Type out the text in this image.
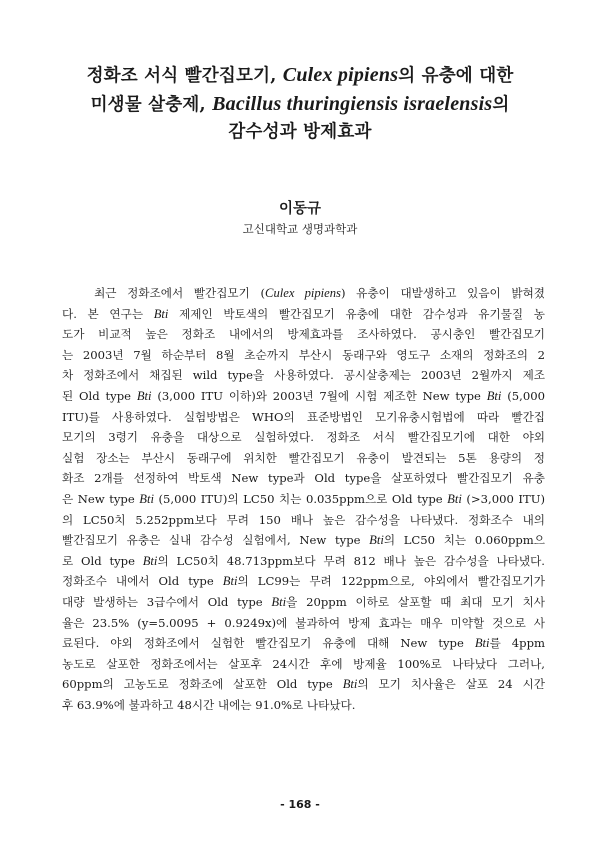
정화조 서식 빨간집모기, Culex pipiens의 유충에 대한
미생물 살충제, Bacillus thuringiensis israelensis의
감수성과 방제효과
이동규
고신대학교 생명과학과
최근 정화조에서 빨간집모기 (Culex pipiens) 유충이 대발생하고 있음이 밝혀졌
다. 본 연구는 Bti 제제인 박토색의 빨간집모기 유충에 대한 감수성과 유기물질 농
도가 비교적 높은 정화조 내에서의 방제효과를 조사하였다. 공시충인 빨간집모기
는 2003년 7월 하순부터 8월 초순까지 부산시 동래구와 영도구 소재의 정화조의 2
차 정화조에서 채집된 wild type을 사용하였다. 공시살충제는 2003년 2월까지 제조
된 Old type Bti (3,000 ITU 이하)와 2003년 7월에 시험 제조한 New type Bti (5,000
ITU)를 사용하였다. 실험방법은 WHO의 표준방법인 모기유충시험법에 따라 빨간집
모기의 3령기 유충을 대상으로 실험하였다. 정화조 서식 빨간집모기에 대한 야외
실험 장소는 부산시 동래구에 위치한 빨간집모기 유충이 발견되는 5톤 용량의 정
화조 2개를 선정하여 박토색 New type과 Old type을 살포하였다 빨간집모기 유충
은 New type Bti (5,000 ITU)의 LC50 치는 0.035ppm으로 Old type Bti (>3,000 ITU)
의 LC50치 5.252ppm보다 무려 150 배나 높은 감수성을 나타냈다. 정화조수 내의
빨간집모기 유충은 실내 감수성 실험에서, New type Bti의 LC50 치는 0.060ppm으
로 Old type Bti의 LC50치 48.713ppm보다 무려 812 배나 높은 감수성을 나타냈다.
정화조수 내에서 Old type Bti의 LC99는 무려 122ppm으로, 야외에서 빨간집모기가
대량 발생하는 3급수에서 Old type Bti을 20ppm 이하로 살포할 때 최대 모기 치사
율은 23.5% (y=5.0095 + 0.9249x)에 불과하여 방제 효과는 매우 미약할 것으로 사
료된다. 야외 정화조에서 실험한 빨간집모기 유충에 대해 New type Bti를 4ppm
농도로 살포한 정화조에서는 살포후 24시간 후에 방제율 100%로 나타났다 그러나,
60ppm의 고농도로 정화조에 살포한 Old type Bti의 모기 치사율은 살포 24 시간
후 63.9%에 불과하고 48시간 내에는 91.0%로 나타났다.
- 168 -
